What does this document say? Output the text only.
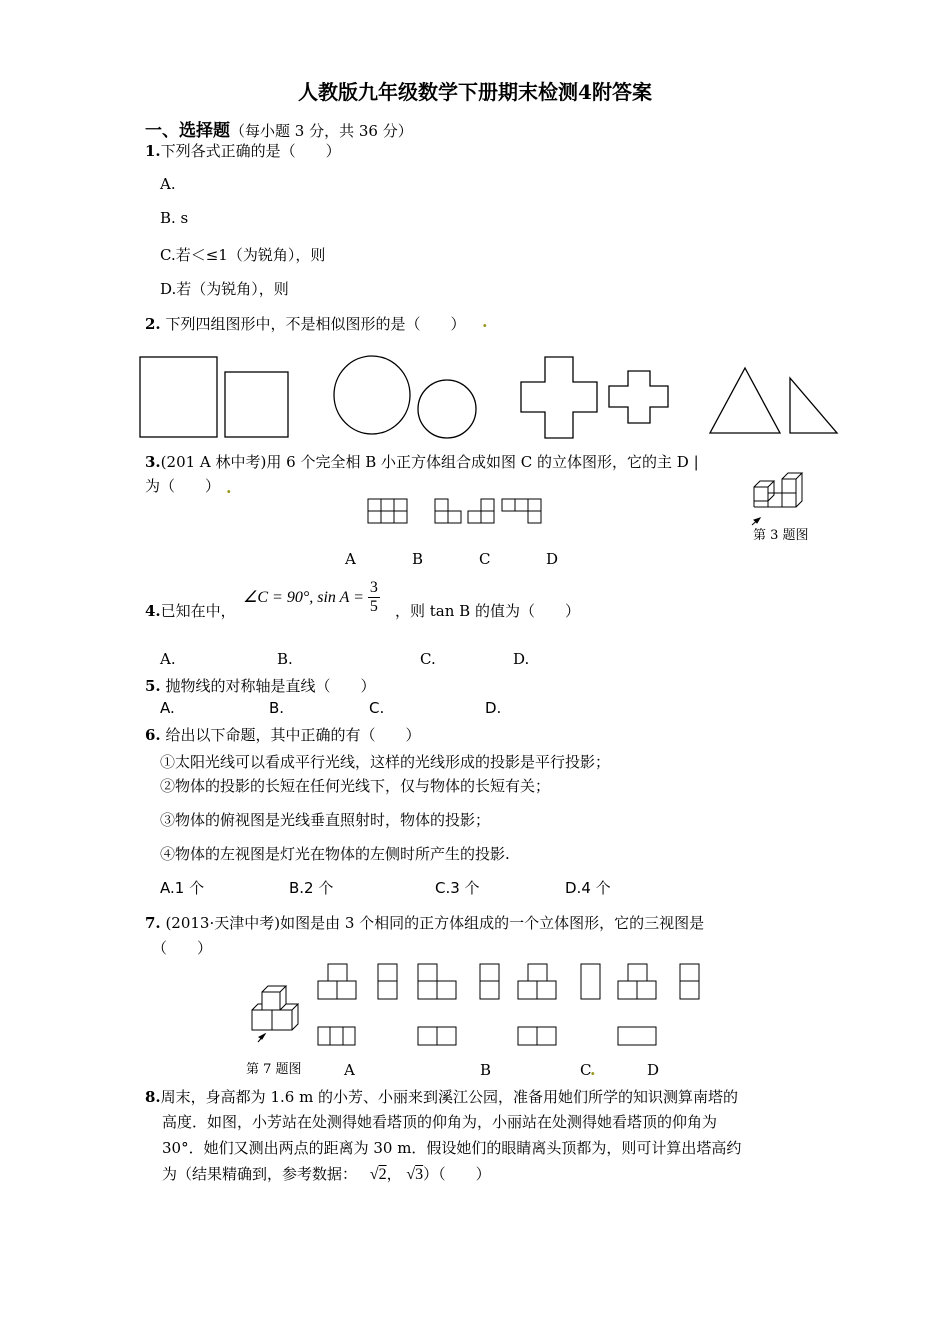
人教版九年级数学下册期末检测4附答案
一、选择题（每小题 3 分，共 36 分）
1.下列各式正确的是（　　）
A.
B. s
C.若＜≤1（为锐角），则
D.若（为锐角），则
2. 下列四组图形中，不是相似图形的是（　　） .
3.(201 A 林中考)用 6 个完全相 B 小正方体组合成如图 C 的立体图形，它的主 D |
为（　　） .
第 3 题图
A	B	C	D
4.已知在中，
∠C = 90°, $\sin A = \frac{3}{5}$ ，则 tan B 的值为（　　）
A.	B.	C.	D.
5. 抛物线的对称轴是直线（　　）
A.	B.	C.	D.
6. 给出以下命题，其中正确的有（　　）
①太阳光线可以看成平行光线，这样的光线形成的投影是平行投影；
②物体的投影的长短在任何光线下，仅与物体的长短有关；
③物体的俯视图是光线垂直照射时，物体的投影；
④物体的左视图是灯光在物体的左侧时所产生的投影.
A.1 个	B.2 个	C.3 个	D.4 个
7. (2013·天津中考)如图是由 3 个相同的正方体组成的一个立体图形，它的三视图是
（　　）
第 7 题图	A	B	C
.	D
8.周末，身高都为 1.6 m 的小芳、小丽来到溪江公园，准备用她们所学的知识测算南塔的
高度．如图，小芳站在处测得她看塔顶的仰角为，小丽站在处测得她看塔顶的仰角为
30°．她们又测出两点的距离为 30 m．假设她们的眼睛离头顶都为，则可计算出塔高约
为（结果精确到，参考数据： √2， √3）（　　）
